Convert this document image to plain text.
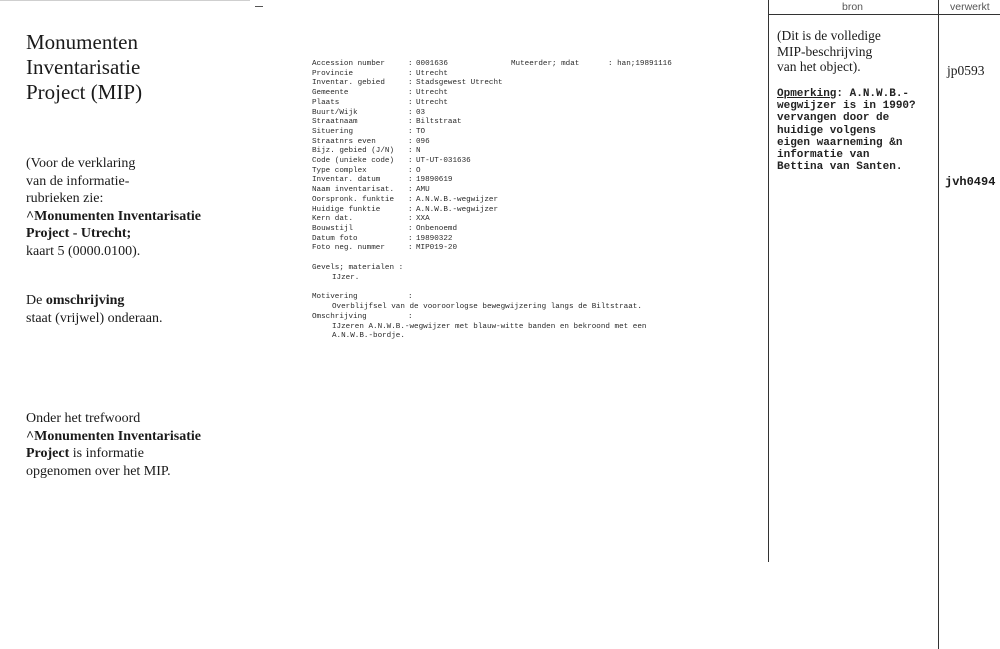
Monumenten
Inventarisatie
Project (MIP)
(Voor de verklaring
van de informatie-
rubrieken zie:
^Monumenten Inventarisatie
Project - Utrecht;
kaart 5 (0000.0100).
De omschrijving
staat (vrijwel) onderaan.
Onder het trefwoord
^Monumenten Inventarisatie
Project is informatie
opgenomen over het MIP.
Accession number	:
0001636	Muteerder; mdat	: han;19891116
Provincie	:
Utrecht
Inventar. gebied	:
Stadsgewest Utrecht
Gemeente	:
Utrecht
Plaats	:
Utrecht
Buurt/Wijk	:
03
Straatnaam	:
Biltstraat
Situering	:
TO
Straatnrs even	:
096
Bijz. gebied (J/N)	:
N
Code (unieke code)	:
UT-UT-031636
Type complex	:
O
Inventar. datum	:
19890619
Naam inventarisat.	:
AMU
Oorspronk. funktie	:
A.N.W.B.-wegwijzer
Huidige funktie	:
A.N.W.B.-wegwijzer
Kern dat.	:
XXA
Bouwstijl	:
Onbenoemd
Datum foto	:
19890322
Foto neg. nummer	:
MIP019-20
Gevels; materialen :
IJzer.
Motivering	:
Overblijfsel van de vooroorlogse bewegwijzering langs de Biltstraat.
Omschrijving	:
IJzeren A.N.W.B.-wegwijzer met blauw-witte banden en bekroond met een
A.N.W.B.-bordje.
bron	verwerkt
(Dit is de volledige
MIP-beschrijving
van het object).
Opmerking: A.N.W.B.-
wegwijzer is in 1990?
vervangen door de
huidige volgens
eigen waarneming &n
informatie van
Bettina van Santen.
jp0593
jvh0494
